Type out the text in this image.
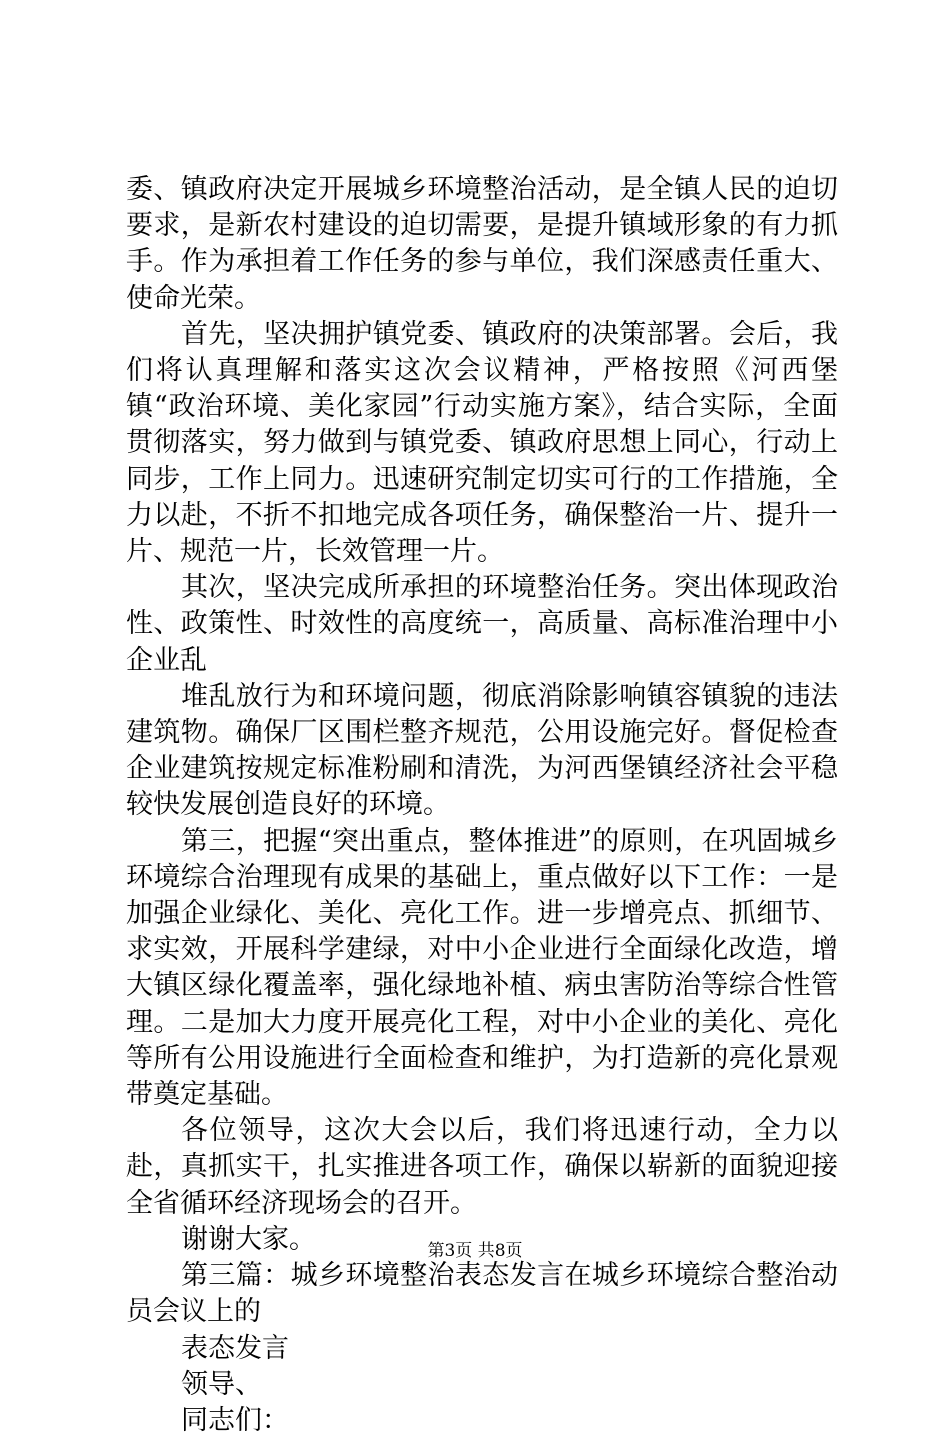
委、镇政府决定开展城乡环境整治活动，是全镇人民的迫切要求，是新农村建设的迫切需要，是提升镇域形象的有力抓手。作为承担着工作任务的参与单位，我们深感责任重大、使命光荣。

首先，坚决拥护镇党委、镇政府的决策部署。会后，我们将认真理解和落实这次会议精神，严格按照《河西堡镇“政治环境、美化家园”行动实施方案》，结合实际，全面贯彻落实，努力做到与镇党委、镇政府思想上同心，行动上同步，工作上同力。迅速研究制定切实可行的工作措施，全力以赴，不折不扣地完成各项任务，确保整治一片、提升一片、规范一片，长效管理一片。

其次，坚决完成所承担的环境整治任务。突出体现政治性、政策性、时效性的高度统一，高质量、高标准治理中小企业乱

堆乱放行为和环境问题，彻底消除影响镇容镇貌的违法建筑物。确保厂区围栏整齐规范，公用设施完好。督促检查企业建筑按规定标准粉刷和清洗，为河西堡镇经济社会平稳较快发展创造良好的环境。

第三，把握“突出重点，整体推进”的原则，在巩固城乡环境综合治理现有成果的基础上，重点做好以下工作：一是加强企业绿化、美化、亮化工作。进一步增亮点、抓细节、求实效，开展科学建绿，对中小企业进行全面绿化改造，增大镇区绿化覆盖率，强化绿地补植、病虫害防治等综合性管理。二是加大力度开展亮化工程，对中小企业的美化、亮化等所有公用设施进行全面检查和维护，为打造新的亮化景观带奠定基础。

各位领导，这次大会以后，我们将迅速行动，全力以赴，真抓实干，扎实推进各项工作，确保以崭新的面貌迎接全省循环经济现场会的召开。

谢谢大家。

第三篇：城乡环境整治表态发言在城乡环境综合整治动员会议上的

表态发言

领导、

同志们：

第3页 共8页
